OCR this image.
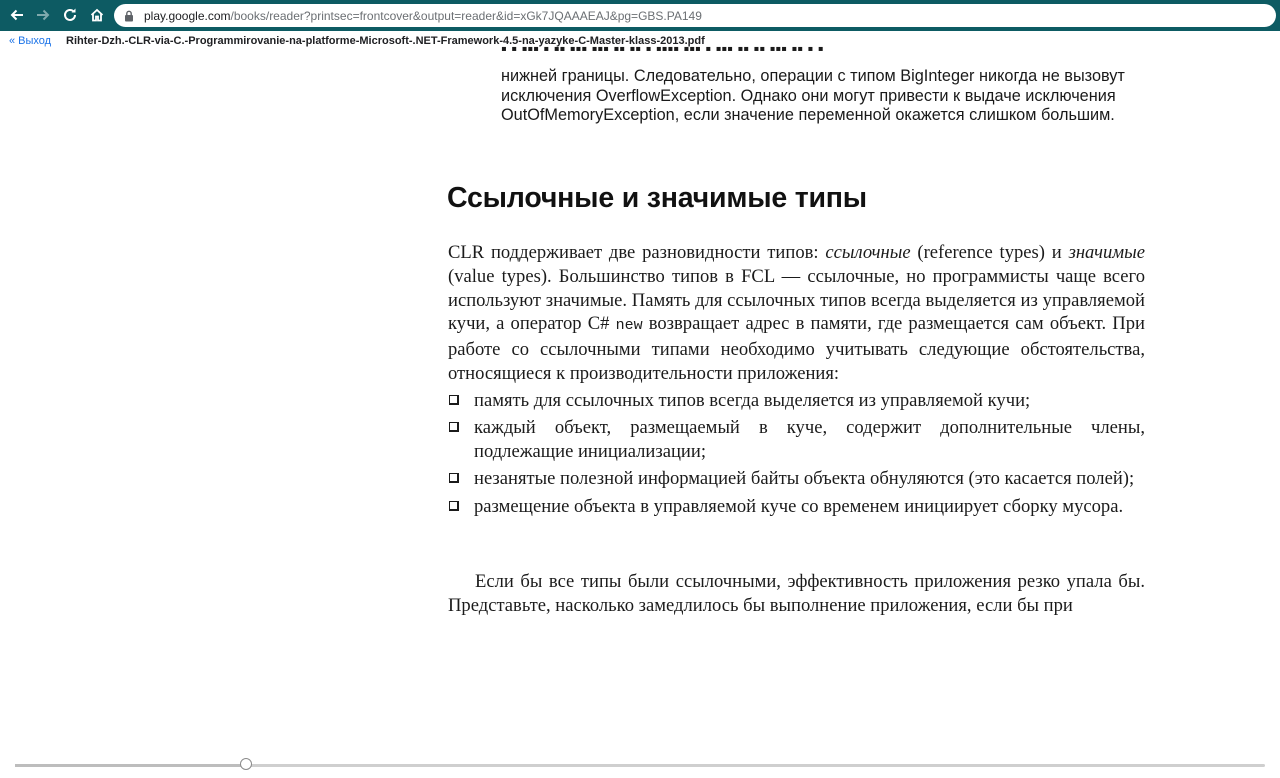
play.google.com/books/reader?printsec=frontcover&output=reader&id=xGk7JQAAAEAJ&pg=GBS.PA149
« Выход Rihter-Dzh.-CLR-via-C.-Programmirovanie-na-platforme-Microsoft-.NET-Framework-4.5-na-yazyke-C-Master-klass-2013.pdf
▪ ▪ ▪▪▪ ▪ ▪▪ ▪▪▪ ▪▪▪ ▪▪ ▪▪ ▪ ▪▪▪▪ ▪▪▪ ▪ ▪▪▪ ▪▪ ▪▪ ▪▪▪ ▪▪ ▪ ▪
нижней границы. Следовательно, операции с типом BigInteger никогда не вызовут исключения OverflowException. Однако они могут привести к выдаче исключения OutOfMemoryException, если значение переменной окажется слишком большим.
Ссылочные и значимые типы
CLR поддерживает две разновидности типов: ссылочные (reference types) и значимые (value types). Большинство типов в FCL — ссылочные, но программисты чаще всего используют значимые. Память для ссылочных типов всегда выделяется из управляемой кучи, а оператор C# new возвращает адрес в памяти, где размещается сам объект. При работе со ссылочными типами необходимо учитывать следующие обстоятельства, относящиеся к производительности приложения:
память для ссылочных типов всегда выделяется из управляемой кучи;
каждый объект, размещаемый в куче, содержит дополнительные члены, подлежащие инициализации;
незанятые полезной информацией байты объекта обнуляются (это касается полей);
размещение объекта в управляемой куче со временем инициирует сборку мусора.
Если бы все типы были ссылочными, эффективность приложения резко упала бы. Представьте, насколько замедлилось бы выполнение приложения, если бы при
